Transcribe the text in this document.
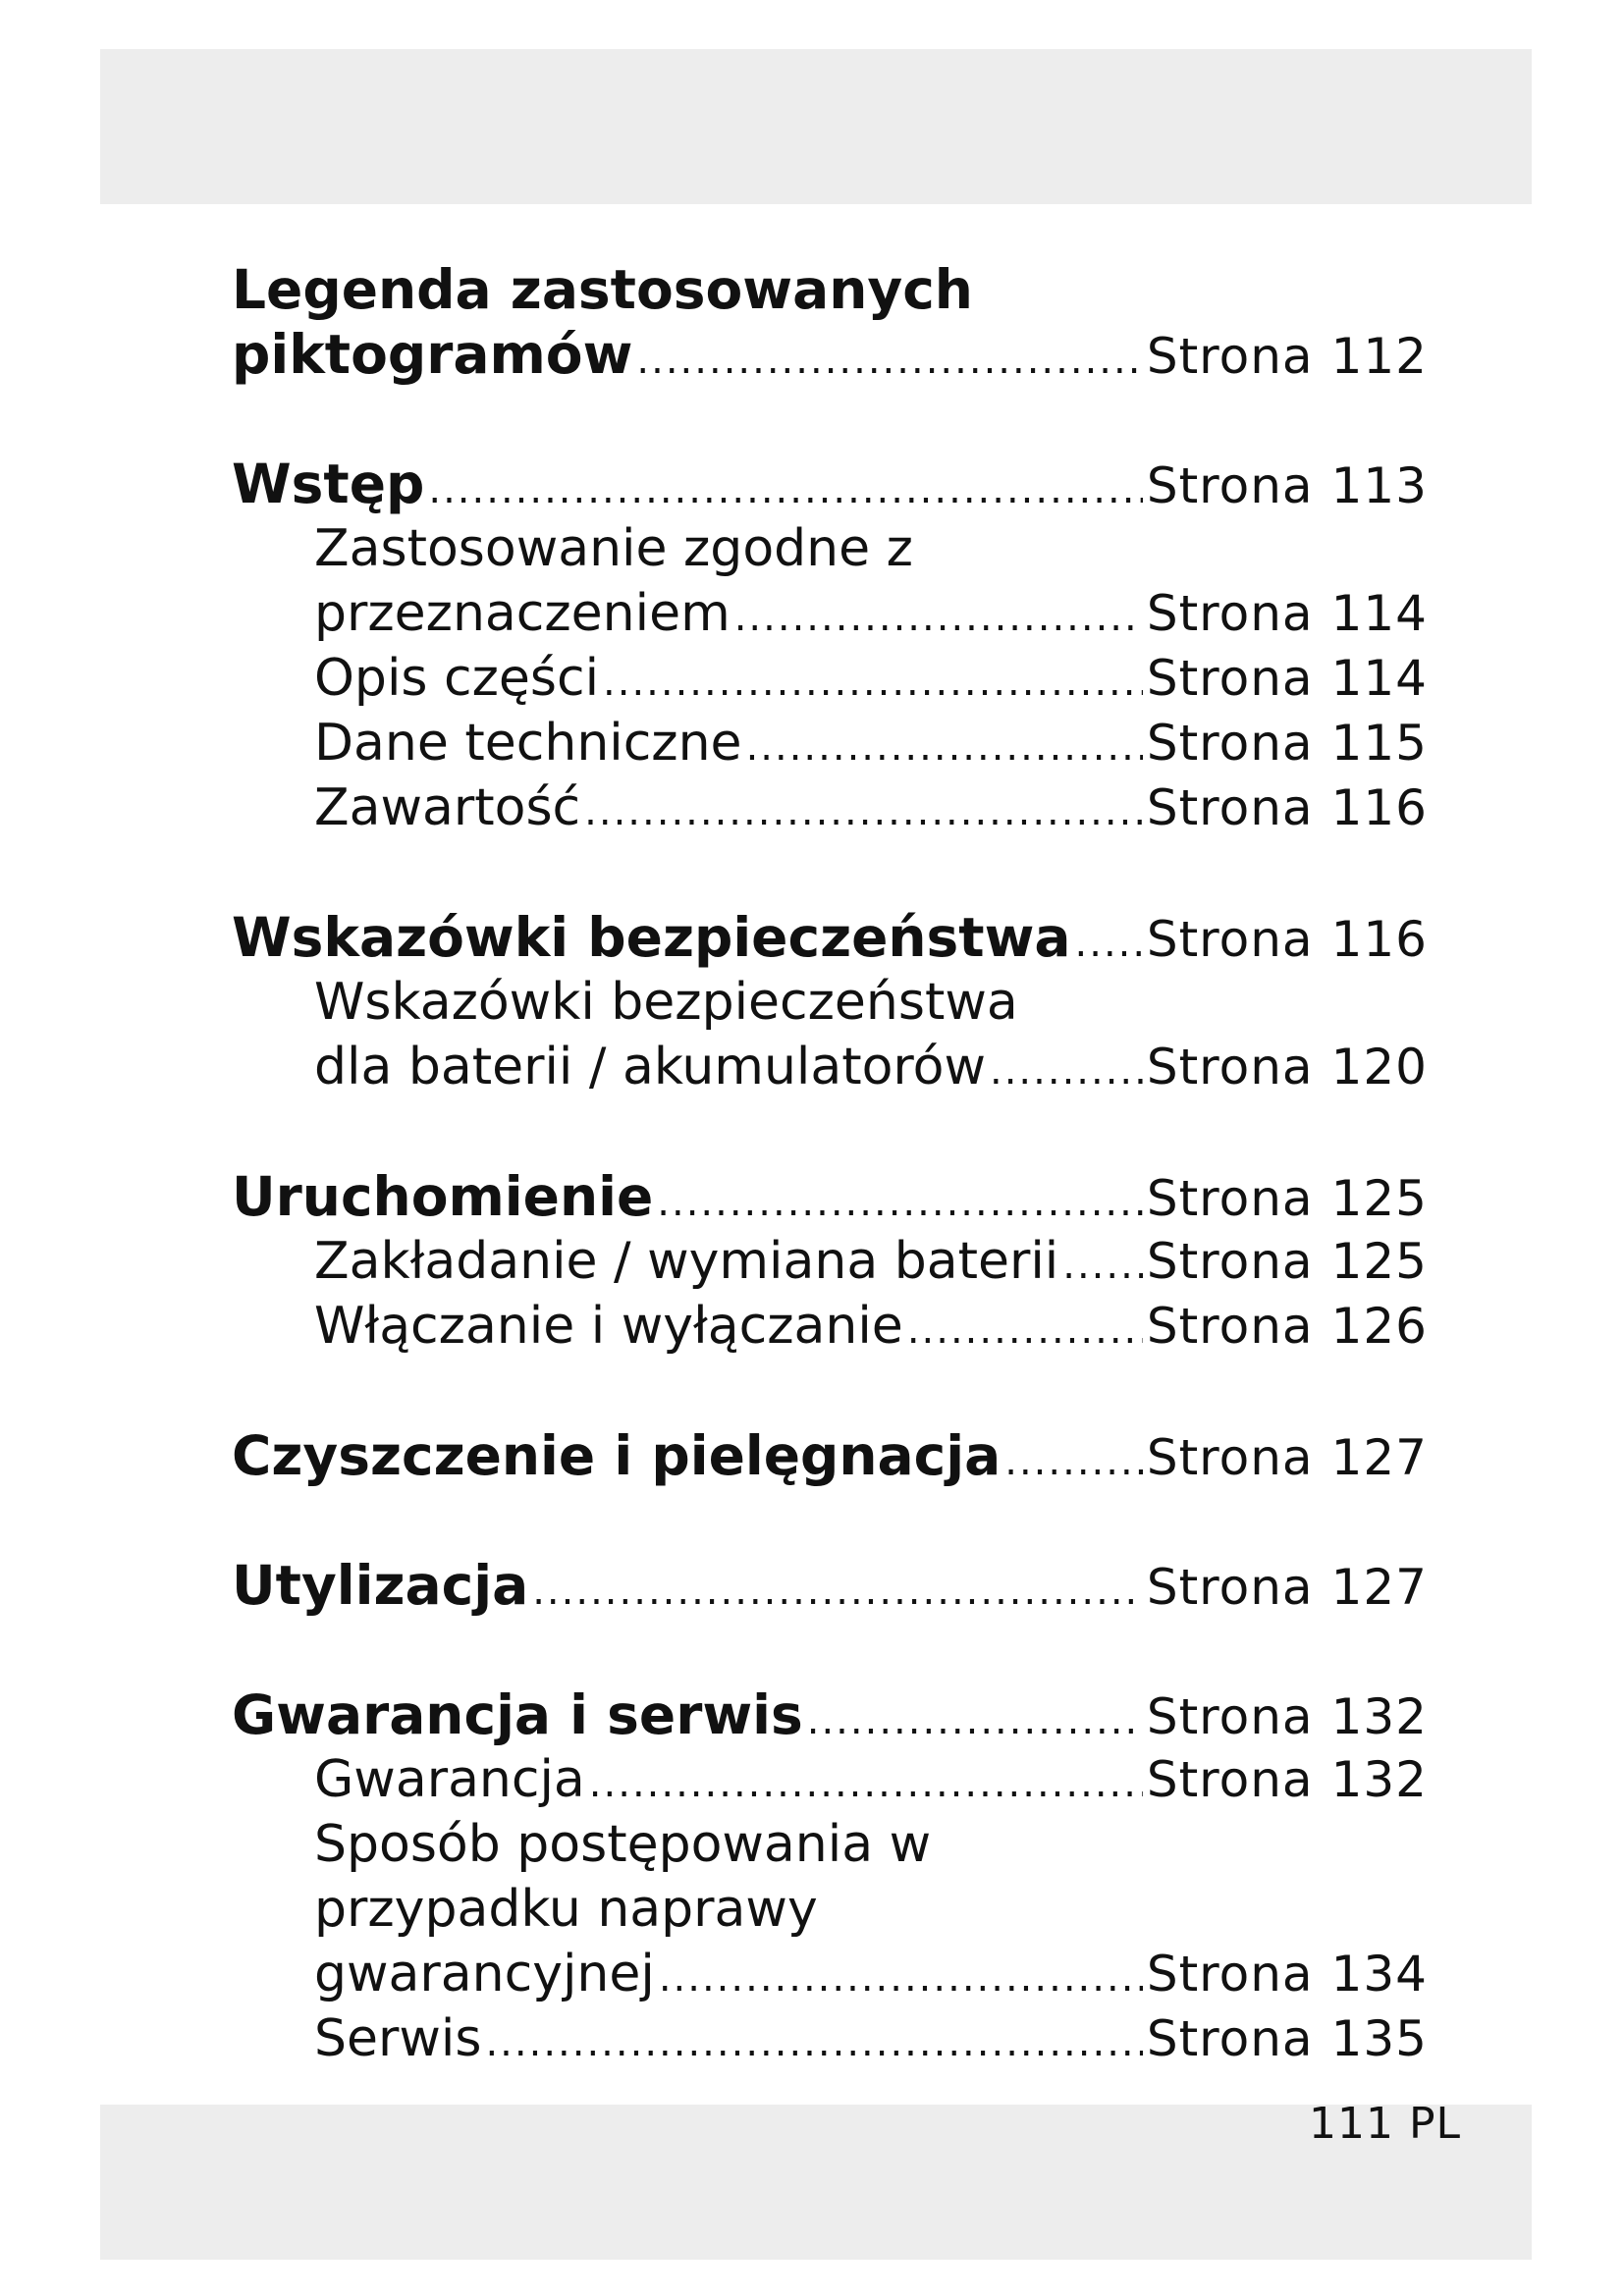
Legenda zastosowanych
piktogramów .....	Strona 112
Wstęp .....	Strona 113
Zastosowanie zgodne z
przeznaczeniem .....	Strona 114
Opis części .....	Strona 114
Dane techniczne .....	Strona 115
Zawartość .....	Strona 116
Wskazówki bezpieczeństwa ..... Strona 116
Wskazówki bezpieczeństwa
dla baterii / akumulatorów .....	Strona 120
Uruchomienie .....	Strona 125
Zakładanie / wymiana baterii ..... Strona 125
Włączanie i wyłączanie .....	Strona 126
Czyszczenie i pielęgnacja .....	Strona 127
Utylizacja .....	Strona 127
Gwarancja i serwis .....	Strona 132
Gwarancja .....	Strona 132
Sposób postępowania w
przypadku naprawy
gwarancyjnej .....	Strona 134
Serwis .....	Strona 135
111 PL
